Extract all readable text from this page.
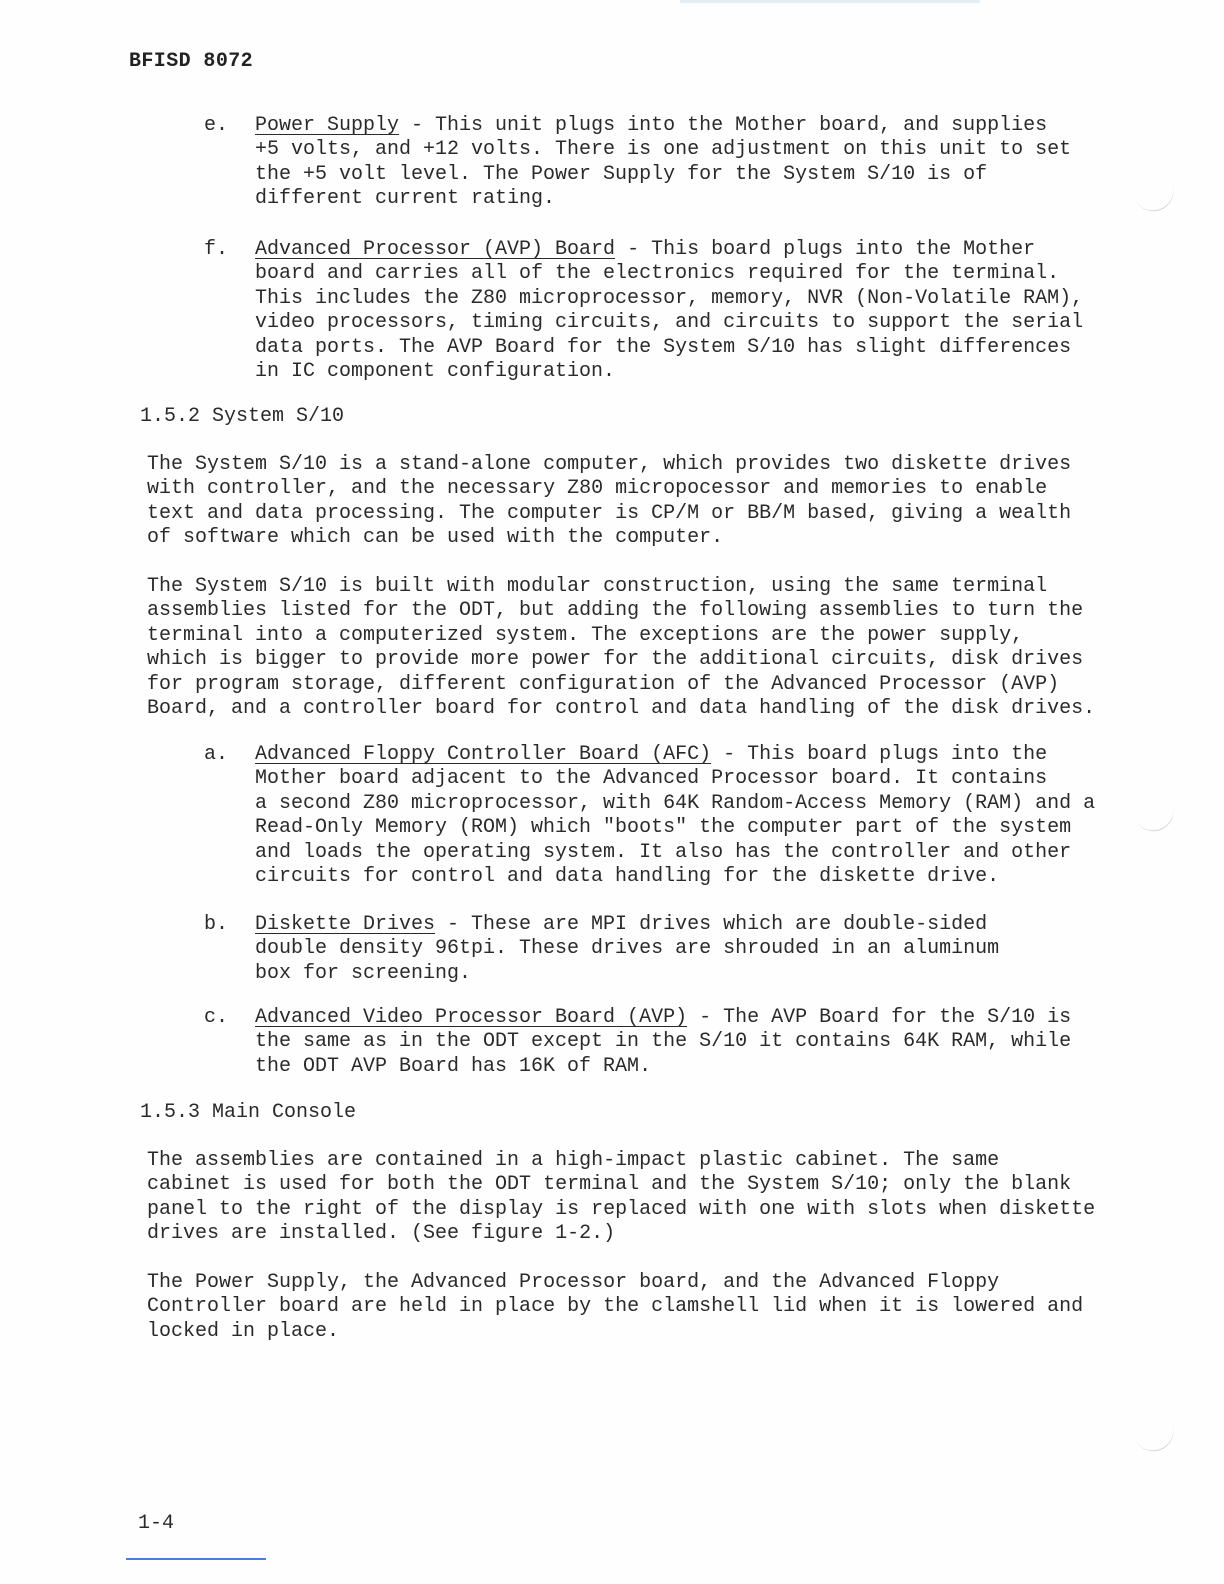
BFISD 8072
e. Power Supply - This unit plugs into the Mother board, and supplies
+5 volts, and +12 volts. There is one adjustment on this unit to set
the +5 volt level. The Power Supply for the System S/10 is of
different current rating.
f. Advanced Processor (AVP) Board - This board plugs into the Mother
board and carries all of the electronics required for the terminal.
This includes the Z80 microprocessor, memory, NVR (Non-Volatile RAM),
video processors, timing circuits, and circuits to support the serial
data ports. The AVP Board for the System S/10 has slight differences
in IC component configuration.
1.5.2 System S/10
The System S/10 is a stand-alone computer, which provides two diskette drives
with controller, and the necessary Z80 micropocessor and memories to enable
text and data processing. The computer is CP/M or BB/M based, giving a wealth
of software which can be used with the computer.
The System S/10 is built with modular construction, using the same terminal
assemblies listed for the ODT, but adding the following assemblies to turn the
terminal into a computerized system. The exceptions are the power supply,
which is bigger to provide more power for the additional circuits, disk drives
for program storage, different configuration of the Advanced Processor (AVP)
Board, and a controller board for control and data handling of the disk drives.
a. Advanced Floppy Controller Board (AFC) - This board plugs into the
Mother board adjacent to the Advanced Processor board. It contains
a second Z80 microprocessor, with 64K Random-Access Memory (RAM) and a
Read-Only Memory (ROM) which "boots" the computer part of the system
and loads the operating system. It also has the controller and other
circuits for control and data handling for the diskette drive.
b. Diskette Drives - These are MPI drives which are double-sided
double density 96tpi. These drives are shrouded in an aluminum
box for screening.
c. Advanced Video Processor Board (AVP) - The AVP Board for the S/10 is
the same as in the ODT except in the S/10 it contains 64K RAM, while
the ODT AVP Board has 16K of RAM.
1.5.3 Main Console
The assemblies are contained in a high-impact plastic cabinet. The same
cabinet is used for both the ODT terminal and the System S/10; only the blank
panel to the right of the display is replaced with one with slots when diskette
drives are installed. (See figure 1-2.)
The Power Supply, the Advanced Processor board, and the Advanced Floppy
Controller board are held in place by the clamshell lid when it is lowered and
locked in place.
1-4
